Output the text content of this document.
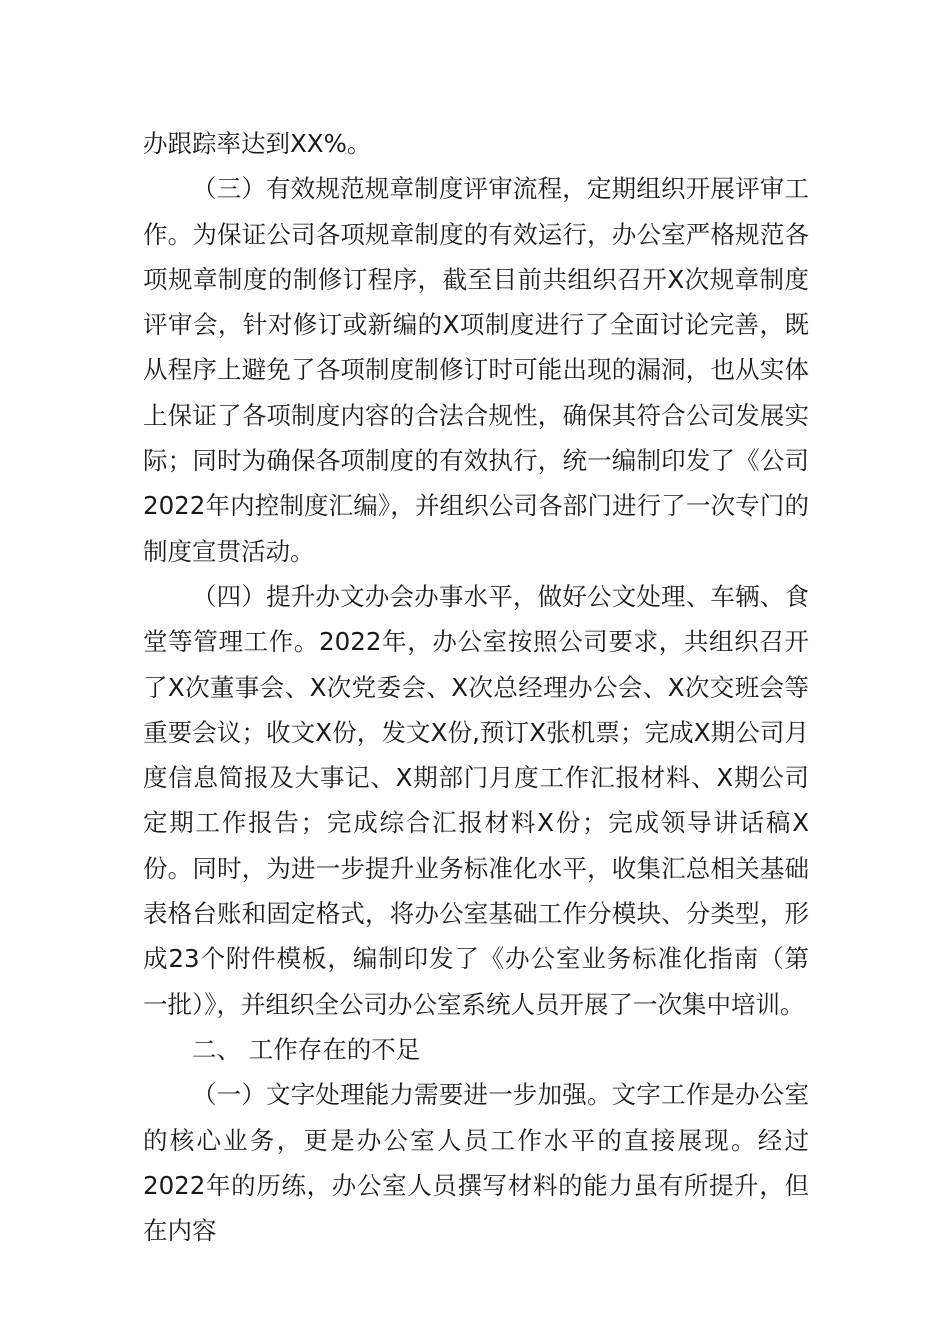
办跟踪率达到XX%。

（三）有效规范规章制度评审流程，定期组织开展评审工作。为保证公司各项规章制度的有效运行，办公室严格规范各项规章制度的制修订程序，截至目前共组织召开X次规章制度评审会，针对修订或新编的X项制度进行了全面讨论完善，既从程序上避免了各项制度制修订时可能出现的漏洞，也从实体上保证了各项制度内容的合法合规性，确保其符合公司发展实际；同时为确保各项制度的有效执行，统一编制印发了《公司2022年内控制度汇编》，并组织公司各部门进行了一次专门的制度宣贯活动。

（四）提升办文办会办事水平，做好公文处理、车辆、食堂等管理工作。2022年，办公室按照公司要求，共组织召开了X次董事会、X次党委会、X次总经理办公会、X次交班会等重要会议；收文X份，发文X份,预订X张机票；完成X期公司月度信息简报及大事记、X期部门月度工作汇报材料、X期公司定期工作报告；完成综合汇报材料X份；完成领导讲话稿X份。同时，为进一步提升业务标准化水平，收集汇总相关基础表格台账和固定格式，将办公室基础工作分模块、分类型，形成23个附件模板，编制印发了《办公室业务标准化指南（第一批）》，并组织全公司办公室系统人员开展了一次集中培训。

二、 工作存在的不足

（一）文字处理能力需要进一步加强。文字工作是办公室的核心业务，更是办公室人员工作水平的直接展现。经过2022年的历练，办公室人员撰写材料的能力虽有所提升，但在内容
